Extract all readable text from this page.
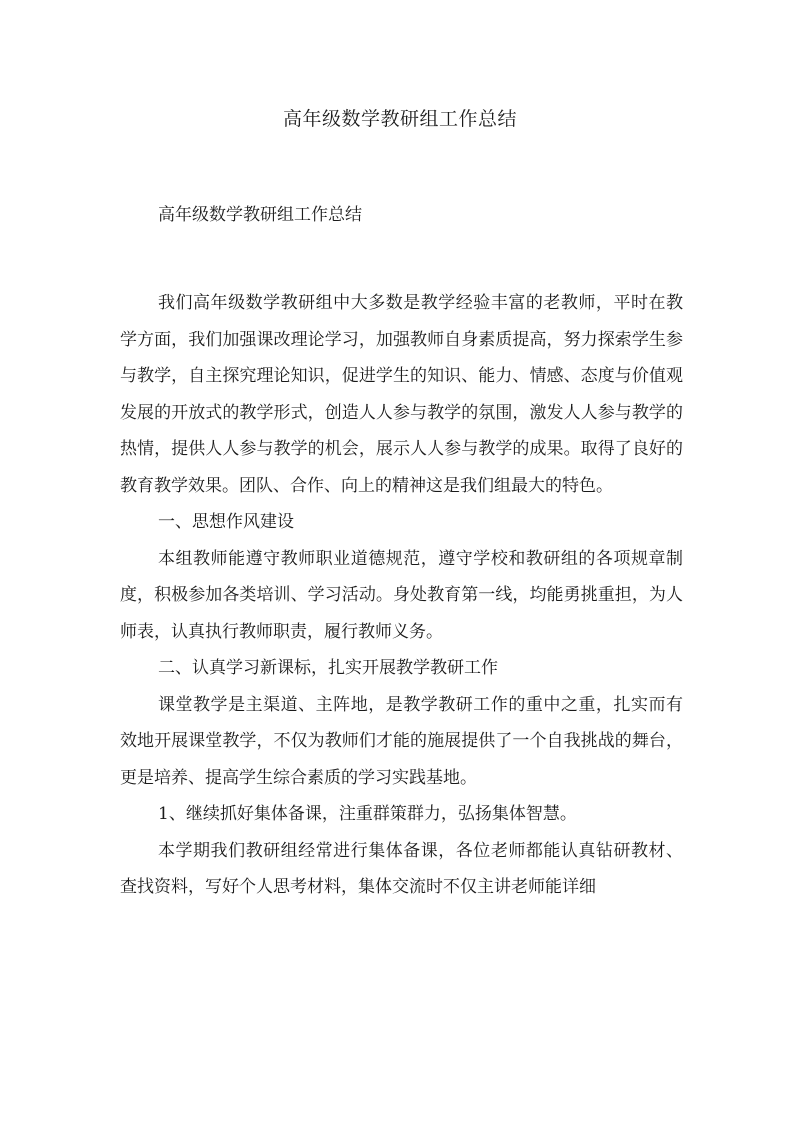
高年级数学教研组工作总结
高年级数学教研组工作总结

我们高年级数学教研组中大多数是教学经验丰富的老教师，平时在教学方面，我们加强课改理论学习，加强教师自身素质提高，努力探索学生参与教学，自主探究理论知识，促进学生的知识、能力、情感、态度与价值观发展的开放式的教学形式，创造人人参与教学的氛围，激发人人参与教学的热情，提供人人参与教学的机会，展示人人参与教学的成果。取得了良好的教育教学效果。团队、合作、向上的精神这是我们组最大的特色。

一、思想作风建设

本组教师能遵守教师职业道德规范，遵守学校和教研组的各项规章制度，积极参加各类培训、学习活动。身处教育第一线，均能勇挑重担，为人师表，认真执行教师职责，履行教师义务。

二、认真学习新课标，扎实开展教学教研工作

课堂教学是主渠道、主阵地，是教学教研工作的重中之重，扎实而有效地开展课堂教学，不仅为教师们才能的施展提供了一个自我挑战的舞台，更是培养、提高学生综合素质的学习实践基地。

1、继续抓好集体备课，注重群策群力，弘扬集体智慧。

本学期我们教研组经常进行集体备课，各位老师都能认真钻研教材、查找资料，写好个人思考材料，集体交流时不仅主讲老师能详细
